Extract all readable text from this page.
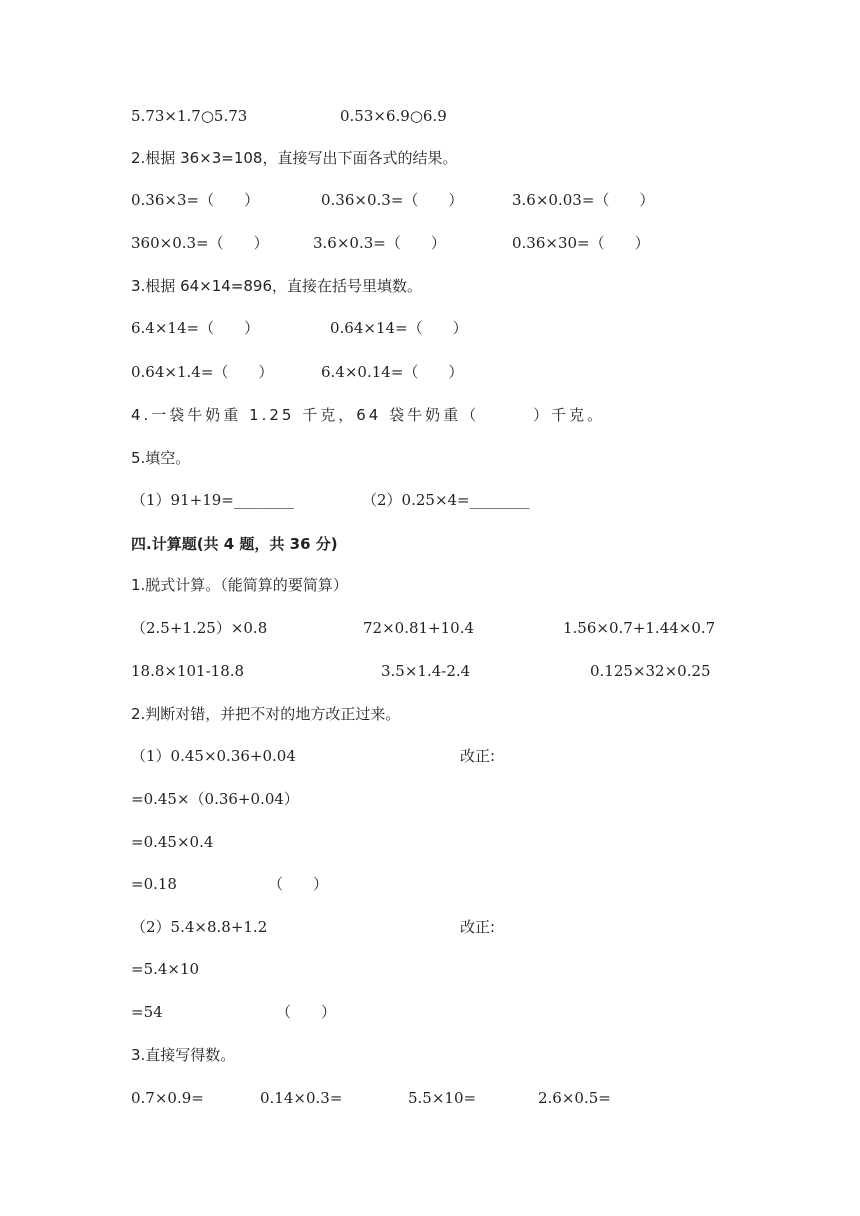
5.73×1.7○5.73	0.53×6.9○6.9
2.根据 36×3=108，直接写出下面各式的结果。
0.36×3=（　　）	0.36×0.3=（　　）	3.6×0.03=（　　）
360×0.3=（　　）	3.6×0.3=（　　）	0.36×30=（　　）
3.根据 64×14=896，直接在括号里填数。
6.4×14=（　　）	0.64×14=（　　）
0.64×1.4=（　　）	6.4×0.14=（　　）
4.一袋牛奶重 1.25 千克，64 袋牛奶重（　　　）千克。
5.填空。
（1）91+19=________	（2）0.25×4=________
四.计算题(共 4 题，共 36 分)
1.脱式计算。（能简算的要简算）
（2.5+1.25）×0.8	72×0.81+10.4	1.56×0.7+1.44×0.7
18.8×101-18.8	3.5×1.4-2.4	0.125×32×0.25
2.判断对错，并把不对的地方改正过来。
（1）0.45×0.36+0.04	改正:
=0.45×（0.36+0.04）
=0.45×0.4
=0.18	（　　）
（2）5.4×8.8+1.2	改正:
=5.4×10
=54	（　　）
3.直接写得数。
0.7×0.9=	0.14×0.3=	5.5×10=	2.6×0.5=
